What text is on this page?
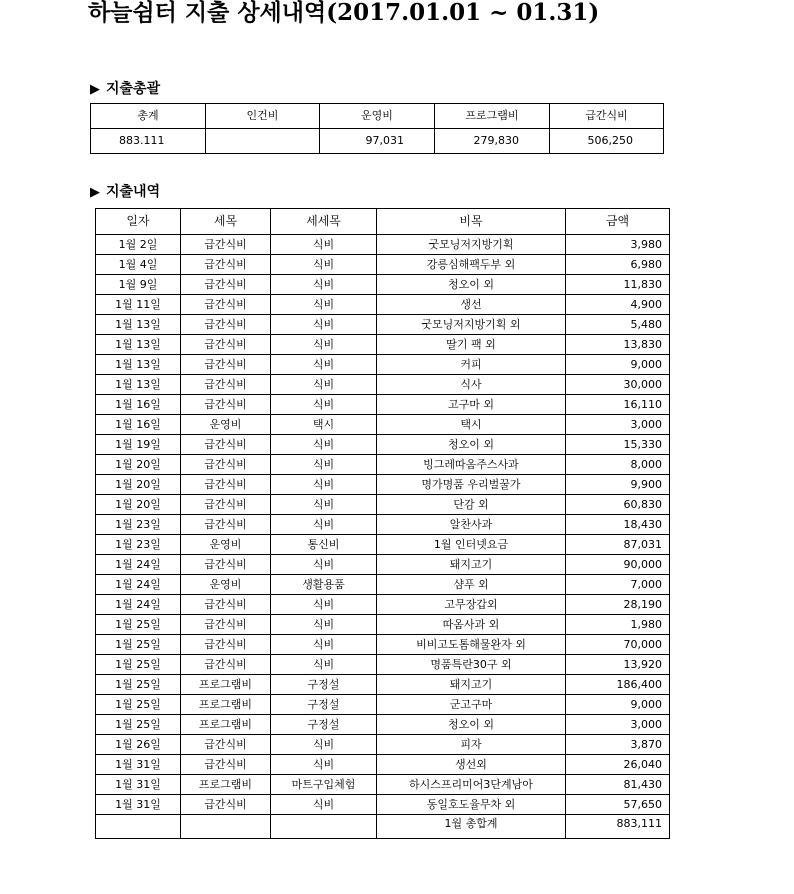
하늘쉼터 지출 상세내역(2017.01.01 ~ 01.31)
▶ 지출총괄
총계	인건비	운영비	프로그램비	급간식비
883.111		97,031	279,830	506,250
▶ 지출내역
일자	세목	세세목	비목	금액
1월 2일	급간식비	식비	굿모닝저지방기획	3,980
1월 4일	급간식비	식비	강릉심해팩두부 외	6,980
1월 9일	급간식비	식비	청오이 외	11,830
1월 11일	급간식비	식비	생선	4,900
1월 13일	급간식비	식비	굿모닝저지방기획 외	5,480
1월 13일	급간식비	식비	딸기 팩 외	13,830
1월 13일	급간식비	식비	커피	9,000
1월 13일	급간식비	식비	식사	30,000
1월 16일	급간식비	식비	고구마 외	16,110
1월 16일	운영비	택시	택시	3,000
1월 19일	급간식비	식비	청오이 외	15,330
1월 20일	급간식비	식비	빙그레따옴주스사과	8,000
1월 20일	급간식비	식비	명가명품 우리벌꿀가	9,900
1월 20일	급간식비	식비	단감 외	60,830
1월 23일	급간식비	식비	알찬사과	18,430
1월 23일	운영비	통신비	1월 인터넷요금	87,031
1월 24일	급간식비	식비	돼지고기	90,000
1월 24일	운영비	생활용품	샴푸 외	7,000
1월 24일	급간식비	식비	고무장갑외	28,190
1월 25일	급간식비	식비	따옴사과 외	1,980
1월 25일	급간식비	식비	비비고도톰해물완자 외	70,000
1월 25일	급간식비	식비	명품특란30구 외	13,920
1월 25일	프로그램비	구정설	돼지고기	186,400
1월 25일	프로그램비	구정설	군고구마	9,000
1월 25일	프로그램비	구정설	청오이 외	3,000
1월 26일	급간식비	식비	피자	3,870
1월 31일	급간식비	식비	생선외	26,040
1월 31일	프로그램비	마트구입체험	하시스프리미어3단계남아	81,430
1월 31일	급간식비	식비	동일호도율무차 외	57,650
			1월 총합계	883,111
